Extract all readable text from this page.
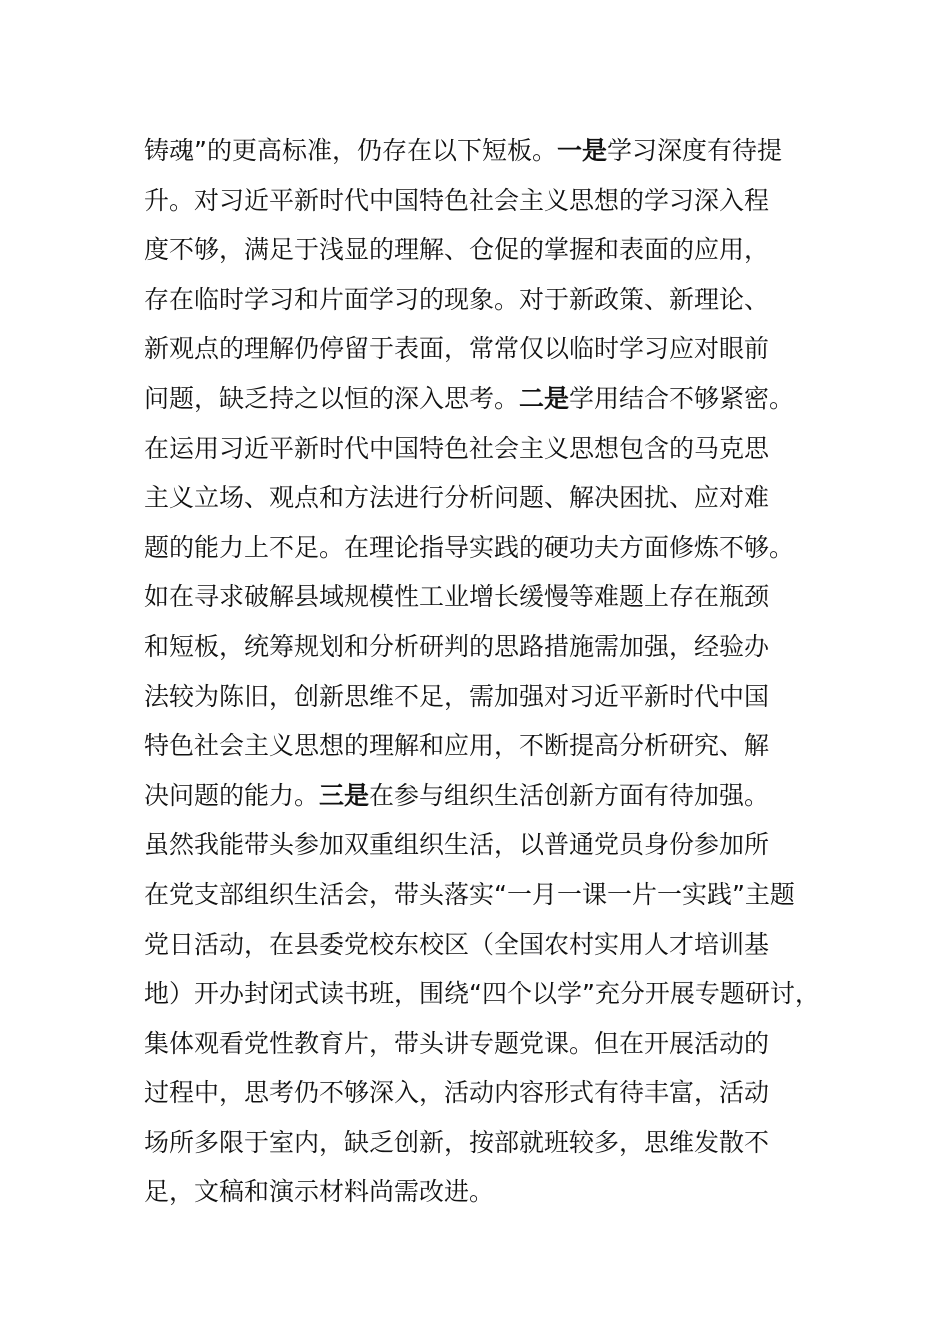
铸魂”的更高标准，仍存在以下短板。一是学习深度有待提
升。对习近平新时代中国特色社会主义思想的学习深入程
度不够，满足于浅显的理解、仓促的掌握和表面的应用，
存在临时学习和片面学习的现象。对于新政策、新理论、
新观点的理解仍停留于表面，常常仅以临时学习应对眼前
问题，缺乏持之以恒的深入思考。二是学用结合不够紧密。
在运用习近平新时代中国特色社会主义思想包含的马克思
主义立场、观点和方法进行分析问题、解决困扰、应对难
题的能力上不足。在理论指导实践的硬功夫方面修炼不够。
如在寻求破解县域规模性工业增长缓慢等难题上存在瓶颈
和短板，统筹规划和分析研判的思路措施需加强，经验办
法较为陈旧，创新思维不足，需加强对习近平新时代中国
特色社会主义思想的理解和应用，不断提高分析研究、解
决问题的能力。三是在参与组织生活创新方面有待加强。
虽然我能带头参加双重组织生活，以普通党员身份参加所
在党支部组织生活会，带头落实“一月一课一片一实践”主题
党日活动，在县委党校东校区（全国农村实用人才培训基
地）开办封闭式读书班，围绕“四个以学”充分开展专题研讨，
集体观看党性教育片，带头讲专题党课。但在开展活动的
过程中，思考仍不够深入，活动内容形式有待丰富，活动
场所多限于室内，缺乏创新，按部就班较多，思维发散不
足，文稿和演示材料尚需改进。
